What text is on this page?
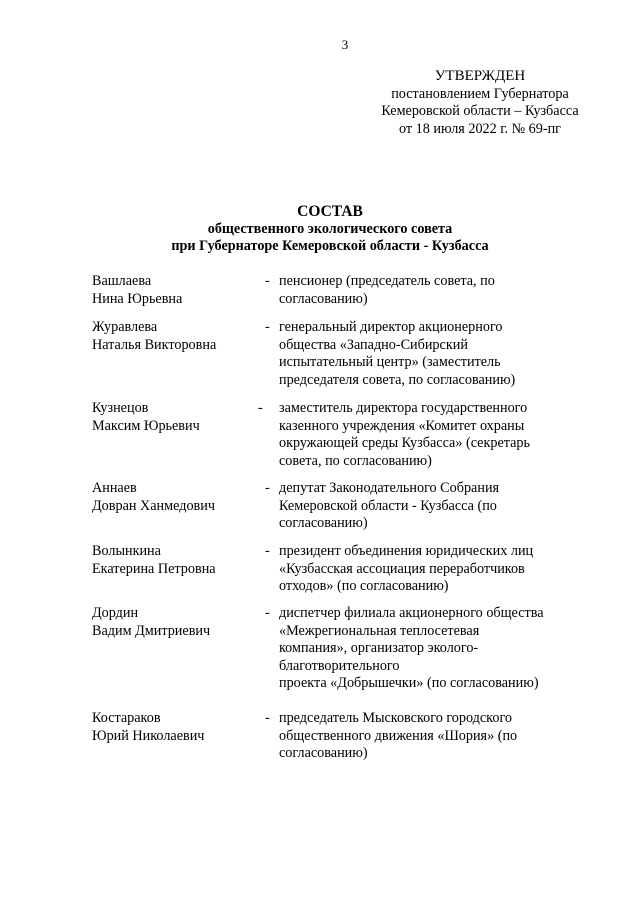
3
УТВЕРЖДЕН
постановлением Губернатора
Кемеровской области – Кузбасса
от 18 июля 2022 г. № 69-пг
СОСТАВ
общественного экологического совета
при Губернаторе Кемеровской области - Кузбасса
Вашлаева
Нина Юрьевна
- пенсионер (председатель совета, по
согласованию)
Журавлева
Наталья Викторовна
- генеральный директор акционерного
общества «Западно-Сибирский
испытательный центр» (заместитель
председателя совета, по согласованию)
Кузнецов
Максим Юрьевич
-	заместитель директора государственного
казенного учреждения «Комитет охраны
окружающей среды Кузбасса» (секретарь
совета, по согласованию)
Аннаев
Довран Ханмедович
- депутат Законодательного Собрания
Кемеровской области - Кузбасса (по
согласованию)
Волынкина
Екатерина Петровна
- президент объединения юридических лиц
«Кузбасская ассоциация переработчиков
отходов» (по согласованию)
Дордин
Вадим Дмитриевич
- диспетчер филиала акционерного общества
«Межрегиональная теплосетевая
компания», организатор эколого-
благотворительного
проекта «Добрышечки» (по согласованию)
Костараков
Юрий Николаевич
- председатель Мысковского городского
общественного движения «Шория» (по
согласованию)
